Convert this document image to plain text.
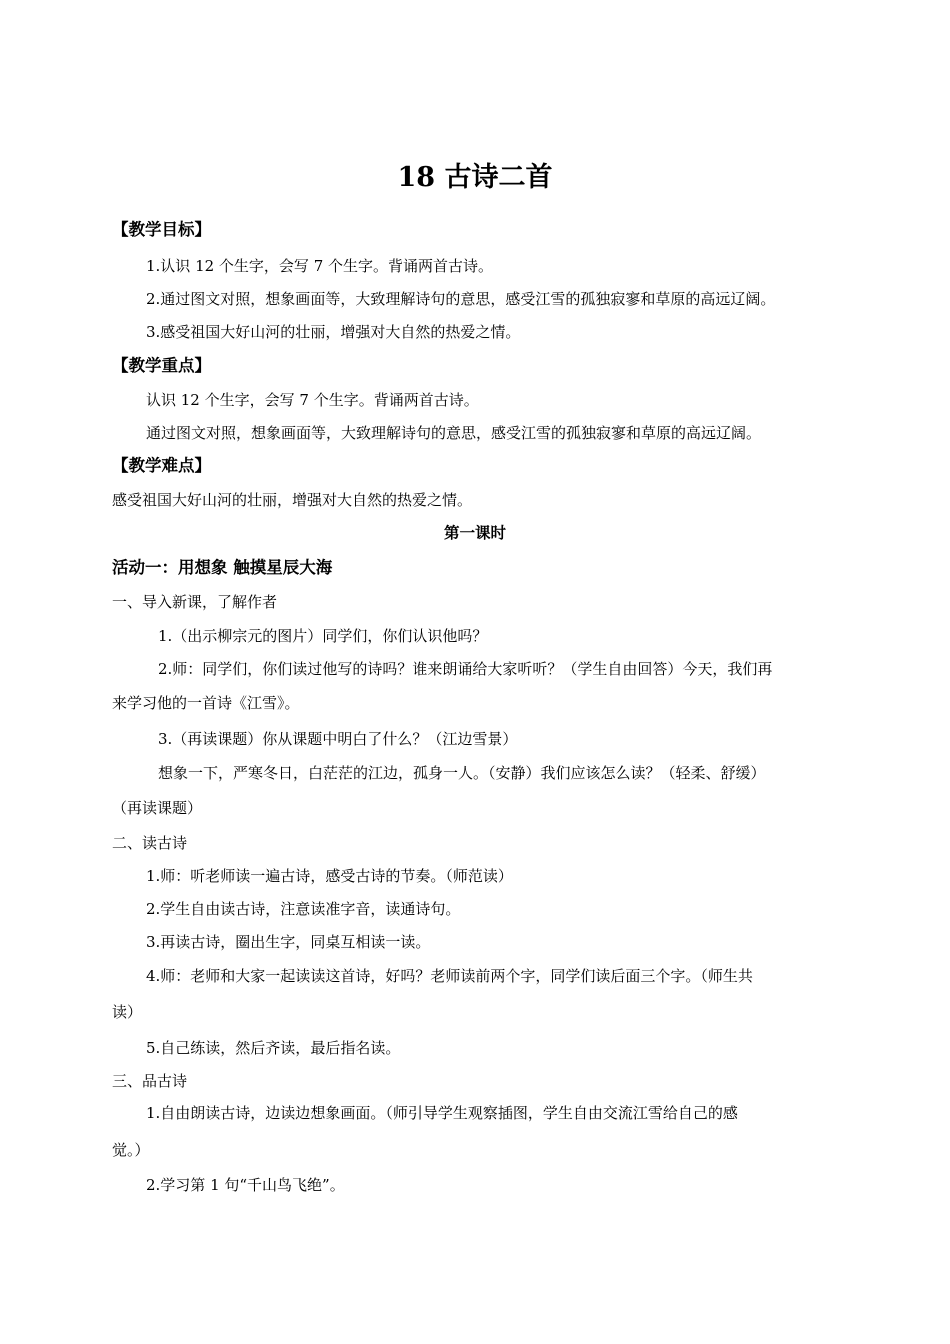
18 古诗二首
【教学目标】
1.认识 12 个生字，会写 7 个生字。背诵两首古诗。
2.通过图文对照，想象画面等，大致理解诗句的意思，感受江雪的孤独寂寥和草原的高远辽阔。
3.感受祖国大好山河的壮丽，增强对大自然的热爱之情。
【教学重点】
认识 12 个生字，会写 7 个生字。背诵两首古诗。
通过图文对照，想象画面等，大致理解诗句的意思，感受江雪的孤独寂寥和草原的高远辽阔。
【教学难点】
感受祖国大好山河的壮丽，增强对大自然的热爱之情。
第一课时
活动一：用想象 触摸星辰大海
一、导入新课，了解作者
1.（出示柳宗元的图片）同学们，你们认识他吗？
2.师：同学们，你们读过他写的诗吗？谁来朗诵给大家听听？（学生自由回答）今天，我们再
来学习他的一首诗《江雪》。
3.（再读课题）你从课题中明白了什么？（江边雪景）
想象一下，严寒冬日，白茫茫的江边，孤身一人。（安静）我们应该怎么读？（轻柔、舒缓）
（再读课题）
二、读古诗
1.师：听老师读一遍古诗，感受古诗的节奏。（师范读）
2.学生自由读古诗，注意读准字音，读通诗句。
3.再读古诗，圈出生字，同桌互相读一读。
4.师：老师和大家一起读读这首诗，好吗？老师读前两个字，同学们读后面三个字。（师生共
读）
5.自己练读，然后齐读，最后指名读。
三、品古诗
1.自由朗读古诗，边读边想象画面。（师引导学生观察插图，学生自由交流江雪给自己的感
觉。）
2.学习第 1 句“千山鸟飞绝”。
